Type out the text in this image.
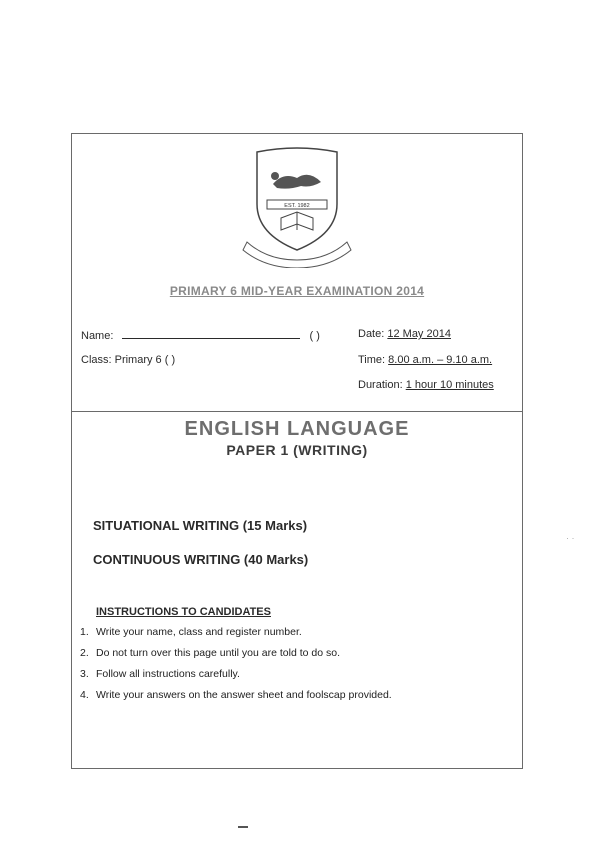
EST. 1982
PRIMARY 6 MID-YEAR EXAMINATION 2014
Name:	( )
Class: Primary 6 ( )
Date: 12 May 2014
Time: 8.00 a.m. – 9.10 a.m.
Duration: 1 hour 10 minutes
ENGLISH LANGUAGE
PAPER 1 (WRITING)
SITUATIONAL WRITING (15 Marks)
CONTINUOUS WRITING (40 Marks)
INSTRUCTIONS TO CANDIDATES
1. Write your name, class and register number.
2. Do not turn over this page until you are told to do so.
3. Follow all instructions carefully.
4. Write your answers on the answer sheet and foolscap provided.
· ·
